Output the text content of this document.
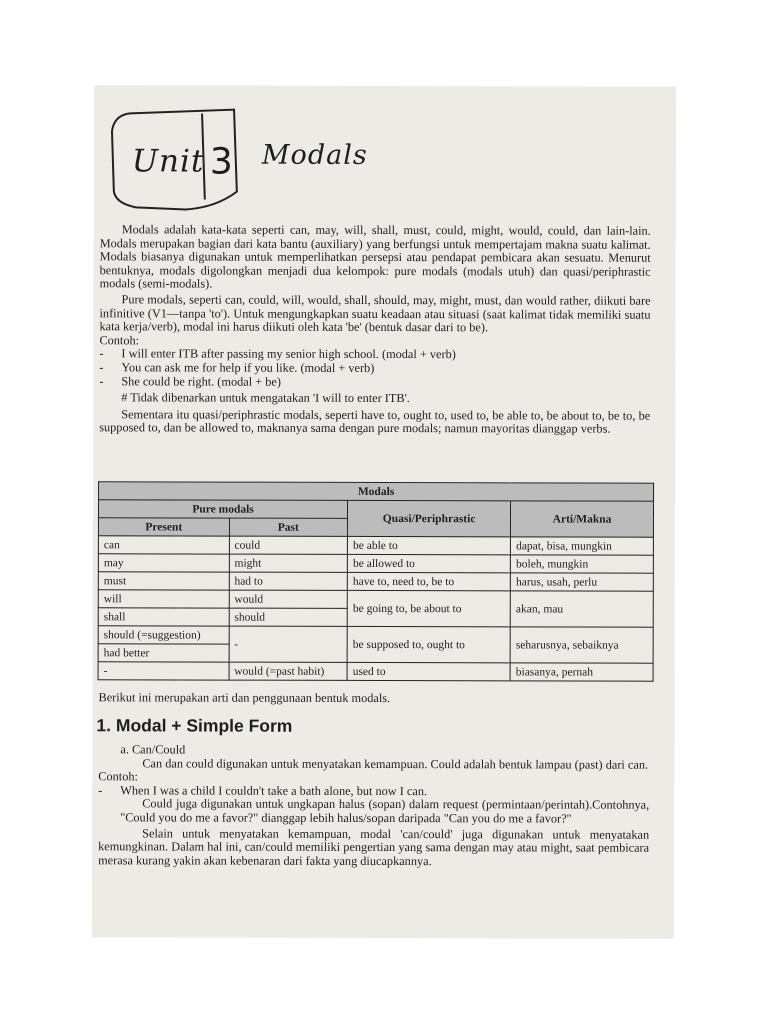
Unit 3 Modals

Modals adalah kata-kata seperti can, may, will, shall, must, could, might, would, could, dan lain-lain. Modals merupakan bagian dari kata bantu (auxiliary) yang berfungsi untuk mempertajam makna suatu kalimat. Modals biasanya digunakan untuk memperlihatkan persepsi atau pendapat pembicara akan sesuatu. Menurut bentuknya, modals digolongkan menjadi dua kelompok: pure modals (modals utuh) dan quasi/periphrastic modals (semi-modals).

Pure modals, seperti can, could, will, would, shall, should, may, might, must, dan would rather, diikuti bare infinitive (V1—tanpa 'to'). Untuk mengungkapkan suatu keadaan atau situasi (saat kalimat tidak memiliki suatu kata kerja/verb), modal ini harus diikuti oleh kata 'be' (bentuk dasar dari to be).

Contoh:

-	I will enter ITB after passing my senior high school. (modal + verb)
-	You can ask me for help if you like. (modal + verb)
-	She could be right. (modal + be)

# Tidak dibenarkan untuk mengatakan 'I will to enter ITB'.

Sementara itu quasi/periphrastic modals, seperti have to, ought to, used to, be able to, be about to, be to, be supposed to, dan be allowed to, maknanya sama dengan pure modals; namun mayoritas dianggap verbs.

Modals			
Pure modals		Quasi/Periphrastic	Arti/Makna
Present	Past		
can	could	be able to	dapat, bisa, mungkin
may	might	be allowed to	boleh, mungkin
must	had to	have to, need to, be to	harus, usah, perlu
will	would	be going to, be about to	akan, mau
shall	should		
should (=suggestion)	-	be supposed to, ought to	seharusnya, sebaiknya
had better			
-	would (=past habit)	used to	biasanya, pernah
Berikut ini merupakan arti dan penggunaan bentuk modals.
1. Modal + Simple Form

a. Can/Could

Can dan could digunakan untuk menyatakan kemampuan. Could adalah bentuk lampau (past) dari can.

Contoh:

-	When I was a child I couldn't take a bath alone, but now I can.

Could juga digunakan untuk ungkapan halus (sopan) dalam request (permintaan/perintah).Contohnya, "Could you do me a favor?" dianggap lebih halus/sopan daripada "Can you do me a favor?"

Selain untuk menyatakan kemampuan, modal 'can/could' juga digunakan untuk menyatakan kemungkinan. Dalam hal ini, can/could memiliki pengertian yang sama dengan may atau might, saat pembicara merasa kurang yakin akan kebenaran dari fakta yang diucapkannya.
